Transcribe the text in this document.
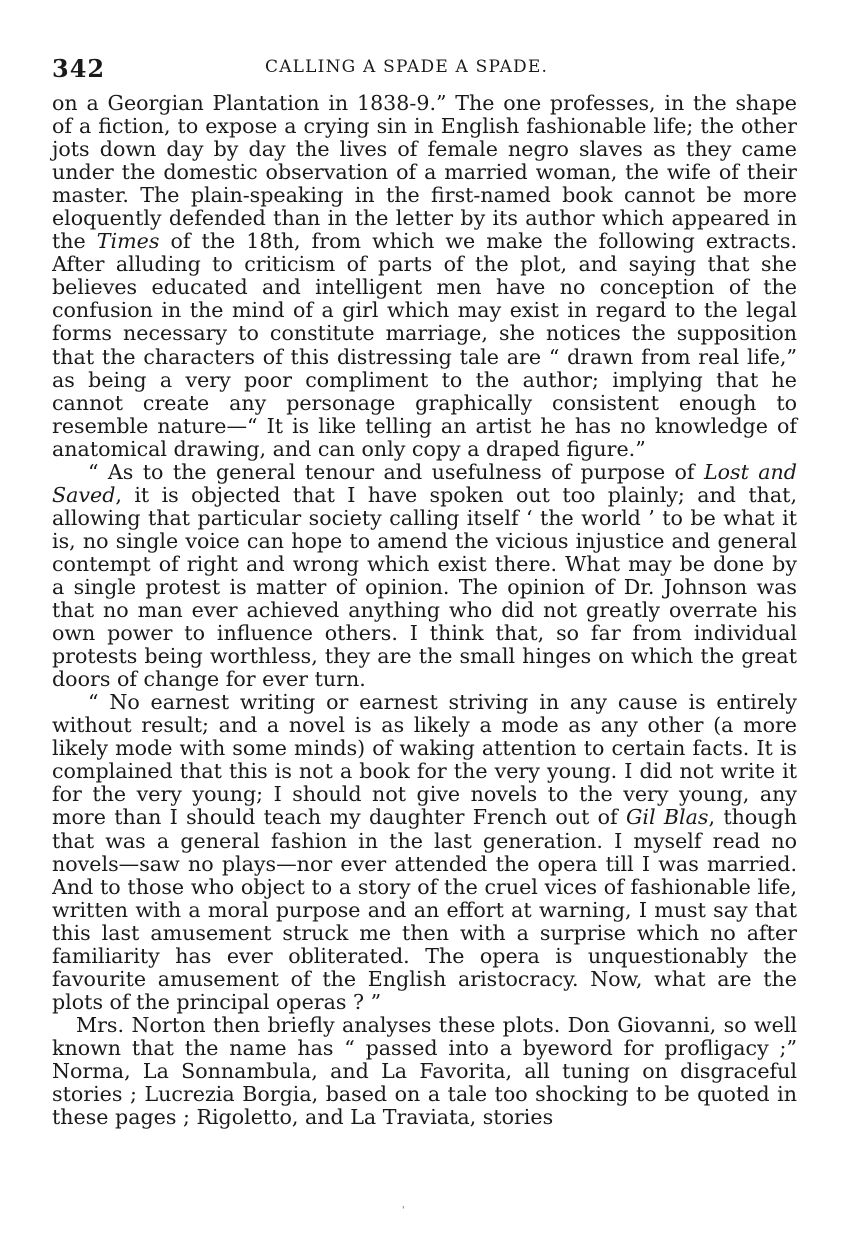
342	CALLING A SPADE A SPADE.

on a Georgian Plantation in 1838-9.” The one professes, in the shape of a fiction, to expose a crying sin in English fashionable life; the other jots down day by day the lives of female negro slaves as they came under the domestic observation of a married woman, the wife of their master. The plain-speaking in the first-named book cannot be more eloquently defended than in the letter by its author which appeared in the Times of the 18th, from which we make the following extracts. After alluding to criticism of parts of the plot, and saying that she believes educated and intelligent men have no conception of the confusion in the mind of a girl which may exist in regard to the legal forms necessary to constitute marriage, she notices the supposition that the characters of this distressing tale are “ drawn from real life,” as being a very poor compliment to the author; implying that he cannot create any personage graphically consistent enough to resemble nature—“ It is like telling an artist he has no knowledge of anatomical drawing, and can only copy a draped figure.”

“ As to the general tenour and usefulness of purpose of Lost and Saved, it is objected that I have spoken out too plainly; and that, allowing that particular society calling itself ‘ the world ’ to be what it is, no single voice can hope to amend the vicious injustice and general contempt of right and wrong which exist there. What may be done by a single protest is matter of opinion. The opinion of Dr. Johnson was that no man ever achieved anything who did not greatly overrate his own power to influence others. I think that, so far from individual protests being worthless, they are the small hinges on which the great doors of change for ever turn.

“ No earnest writing or earnest striving in any cause is entirely without result; and a novel is as likely a mode as any other (a more likely mode with some minds) of waking attention to certain facts. It is complained that this is not a book for the very young. I did not write it for the very young; I should not give novels to the very young, any more than I should teach my daughter French out of Gil Blas, though that was a general fashion in the last generation. I myself read no novels—saw no plays—nor ever attended the opera till I was married. And to those who object to a story of the cruel vices of fashionable life, written with a moral purpose and an effort at warning, I must say that this last amusement struck me then with a surprise which no after familiarity has ever obliterated. The opera is unquestionably the favourite amusement of the English aristocracy. Now, what are the plots of the principal operas ? ”

Mrs. Norton then briefly analyses these plots. Don Giovanni, so well known that the name has “ passed into a byeword for profligacy ;” Norma, La Sonnambula, and La Favorita, all tuning on disgraceful stories ; Lucrezia Borgia, based on a tale too shocking to be quoted in these pages ; Rigoletto, and La Traviata, stories

'
